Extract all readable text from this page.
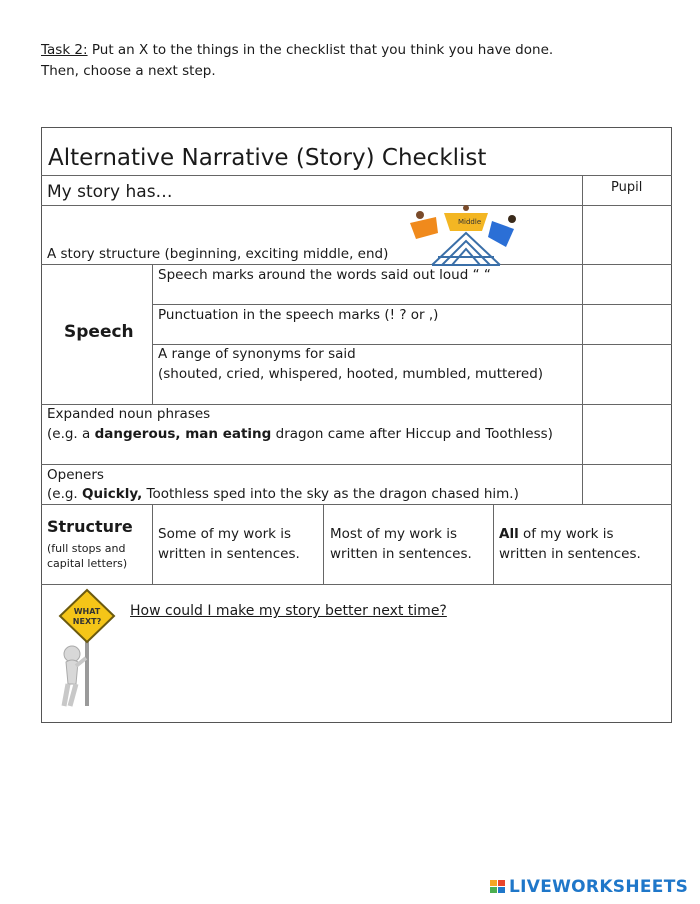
Task 2: Put an X to the things in the checklist that you think you have done.
Then, choose a next step.
Alternative Narrative (Story) Checklist
My story has…	Pupil
Middle
A story structure (beginning, exciting middle, end)
Speech
Speech marks around the words said out loud “ “
Punctuation in the speech marks (! ? or ,)
A range of synonyms for said
(shouted, cried, whispered, hooted, mumbled, muttered)
Expanded noun phrases
(e.g. a dangerous, man eating dragon came after Hiccup and Toothless)
Openers
(e.g. Quickly, Toothless sped into the sky as the dragon chased him.)
Structure
(full stops and
capital letters)
Some of my work is
written in sentences.
Most of my work is
written in sentences.
All of my work is
written in sentences.
WHAT
NEXT?
How could I make my story better next time?
LIVEWORKSHEETS
